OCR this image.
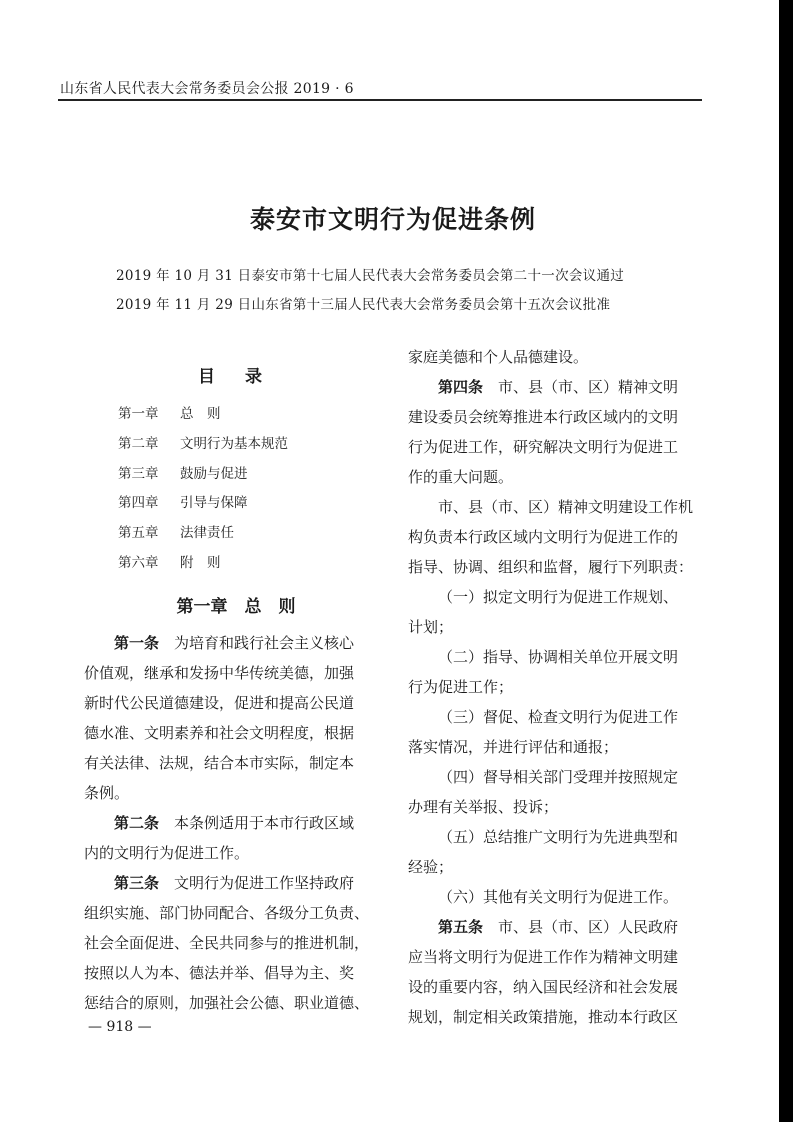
山东省人民代表大会常务委员会公报 2019 · 6
泰安市文明行为促进条例
2019 年 10 月 31 日泰安市第十七届人民代表大会常务委员会第二十一次会议通过
2019 年 11 月 29 日山东省第十三届人民代表大会常务委员会第十五次会议批准
目 录
第一章 总　则
第二章 文明行为基本规范
第三章 鼓励与促进
第四章 引导与保障
第五章 法律责任
第六章 附　则
第一章　总　则

第一条　 为培育和践行社会主义核心

价值观，继承和发扬中华传统美德，加强

新时代公民道德建设，促进和提高公民道

德水准、文明素养和社会文明程度，根据

有关法律、法规，结合本市实际，制定本

条例。

第二条　 本条例适用于本市行政区域

内的文明行为促进工作。

第三条　 文明行为促进工作坚持政府

组织实施、部门协同配合、各级分工负责、

社会全面促进、全民共同参与的推进机制，

按照以人为本、德法并举、倡导为主、奖

惩结合的原则，加强社会公德、职业道德、

家庭美德和个人品德建设。

第四条　 市、县（市、区）精神文明

建设委员会统筹推进本行政区域内的文明

行为促进工作，研究解决文明行为促进工

作的重大问题。

市、县（市、区）精神文明建设工作机

构负责本行政区域内文明行为促进工作的

指导、协调、组织和监督，履行下列职责：

（一）拟定文明行为促进工作规划、

计划；

（二）指导、协调相关单位开展文明

行为促进工作；

（三）督促、检查文明行为促进工作

落实情况，并进行评估和通报；

（四）督导相关部门受理并按照规定

办理有关举报、投诉；

（五）总结推广文明行为先进典型和

经验；

（六）其他有关文明行为促进工作。

第五条　 市、县（市、区）人民政府

应当将文明行为促进工作作为精神文明建

设的重要内容，纳入国民经济和社会发展

规划，制定相关政策措施，推动本行政区

— 918 —
